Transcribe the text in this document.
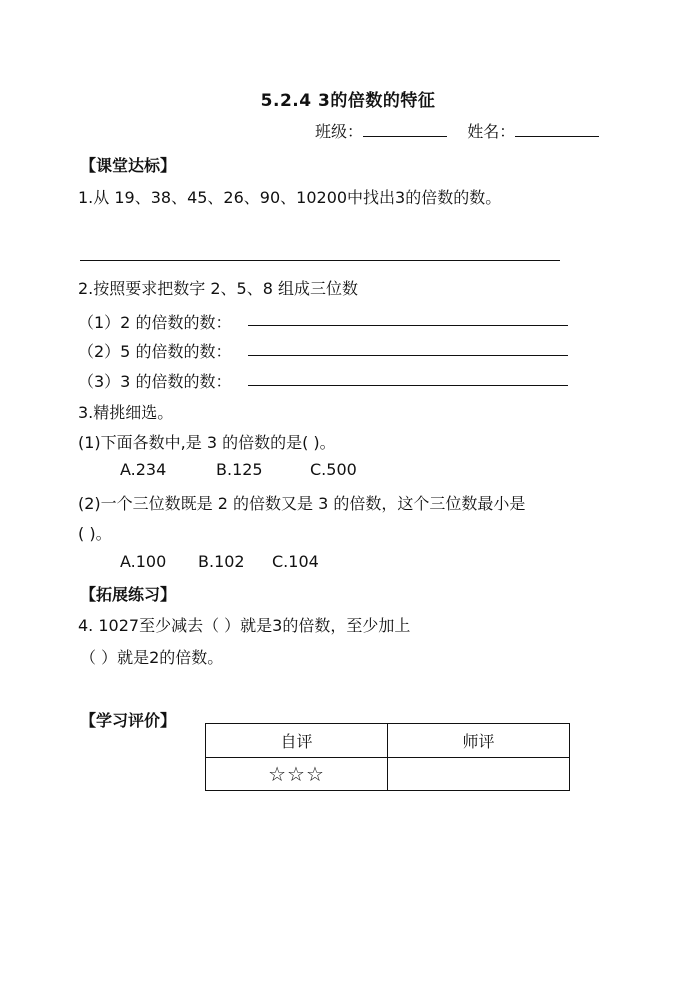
5.2.4 3的倍数的特征
班级：	姓名：
【课堂达标】
1.从 19、38、45、26、90、10200中找出3的倍数的数。
2.按照要求把数字 2、5、8 组成三位数
（1）2 的倍数的数：
（2）5 的倍数的数：
（3）3 的倍数的数：
3.精挑细选。
(1)下面各数中,是 3 的倍数的是( )。
A.234	B.125	C.500
(2)一个三位数既是 2 的倍数又是 3 的倍数，这个三位数最小是
( )。
A.100 B.102 C.104
【拓展练习】
4. 1027至少减去（ ）就是3的倍数，至少加上
（ ）就是2的倍数。
【学习评价】
自评	师评
☆☆☆	
